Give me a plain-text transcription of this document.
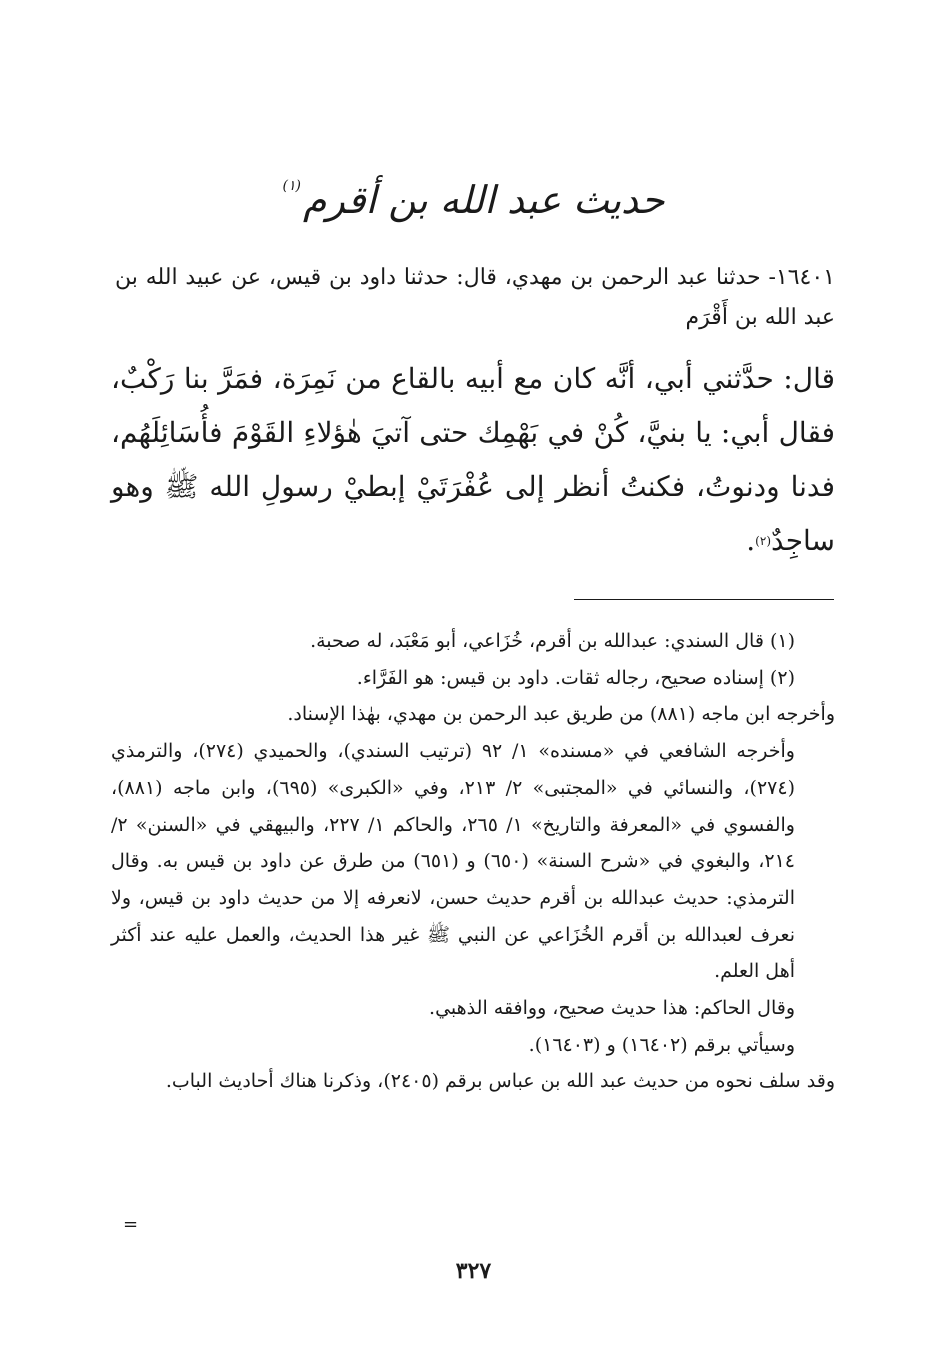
حديث عبد الله بن أقرم$^{(١)}$
١٦٤٠١- حدثنا عبد الرحمن بن مهدي، قال: حدثنا داود بن قيس، عن عبيد الله بن عبد الله بن أَقْرَم
قال: حدَّثني أبي، أنَّه كان مع أبيه بالقاع من نَمِرَة، فمَرَّ بنا رَكْبٌ، فقال أبي: يا بنيَّ، كُنْ في بَهْمِك حتى آتيَ هٰؤلاءِ القَوْمَ فأُسَائِلَهُم، فدنا ودنوتُ، فكنتُ أنظر إلى عُفْرَتَيْ إبطيْ رسولِ الله ﷺ وهو ساجِدٌ$^{(٢)}$.
(١) قال السندي: عبدالله بن أقرم، خُزَاعي، أبو مَعْبَد، له صحبة.
(٢) إسناده صحيح، رجاله ثقات. داود بن قيس: هو الفَرَّاء.
وأخرجه ابن ماجه (٨٨١) من طريق عبد الرحمن بن مهدي، بهٰذا الإسناد.
وأخرجه الشافعي في «مسنده» ١/ ٩٢ (ترتيب السندي)، والحميدي (٢٧٤)، والترمذي (٢٧٤)، والنسائي في «المجتبى» ٢/ ٢١٣، وفي «الكبرى» (٦٩٥)، وابن ماجه (٨٨١)، والفسوي في «المعرفة والتاريخ» ١/ ٢٦٥، والحاكم ١/ ٢٢٧، والبيهقي في «السنن» ٢/ ٢١٤، والبغوي في «شرح السنة» (٦٥٠) و (٦٥١) من طرق عن داود بن قيس به. وقال الترمذي: حديث عبدالله بن أقرم حديث حسن، لانعرفه إلا من حديث داود بن قيس، ولا نعرف لعبدالله بن أقرم الخُزَاعي عن النبي ﷺ غير هذا الحديث، والعمل عليه عند أكثر أهل العلم.
وقال الحاكم: هذا حديث صحيح، ووافقه الذهبي.
وسيأتي برقم (١٦٤٠٢) و (١٦٤٠٣).
وقد سلف نحوه من حديث عبد الله بن عباس برقم (٢٤٠٥)، وذكرنا هناك أحاديث الباب.
=
٣٢٧
